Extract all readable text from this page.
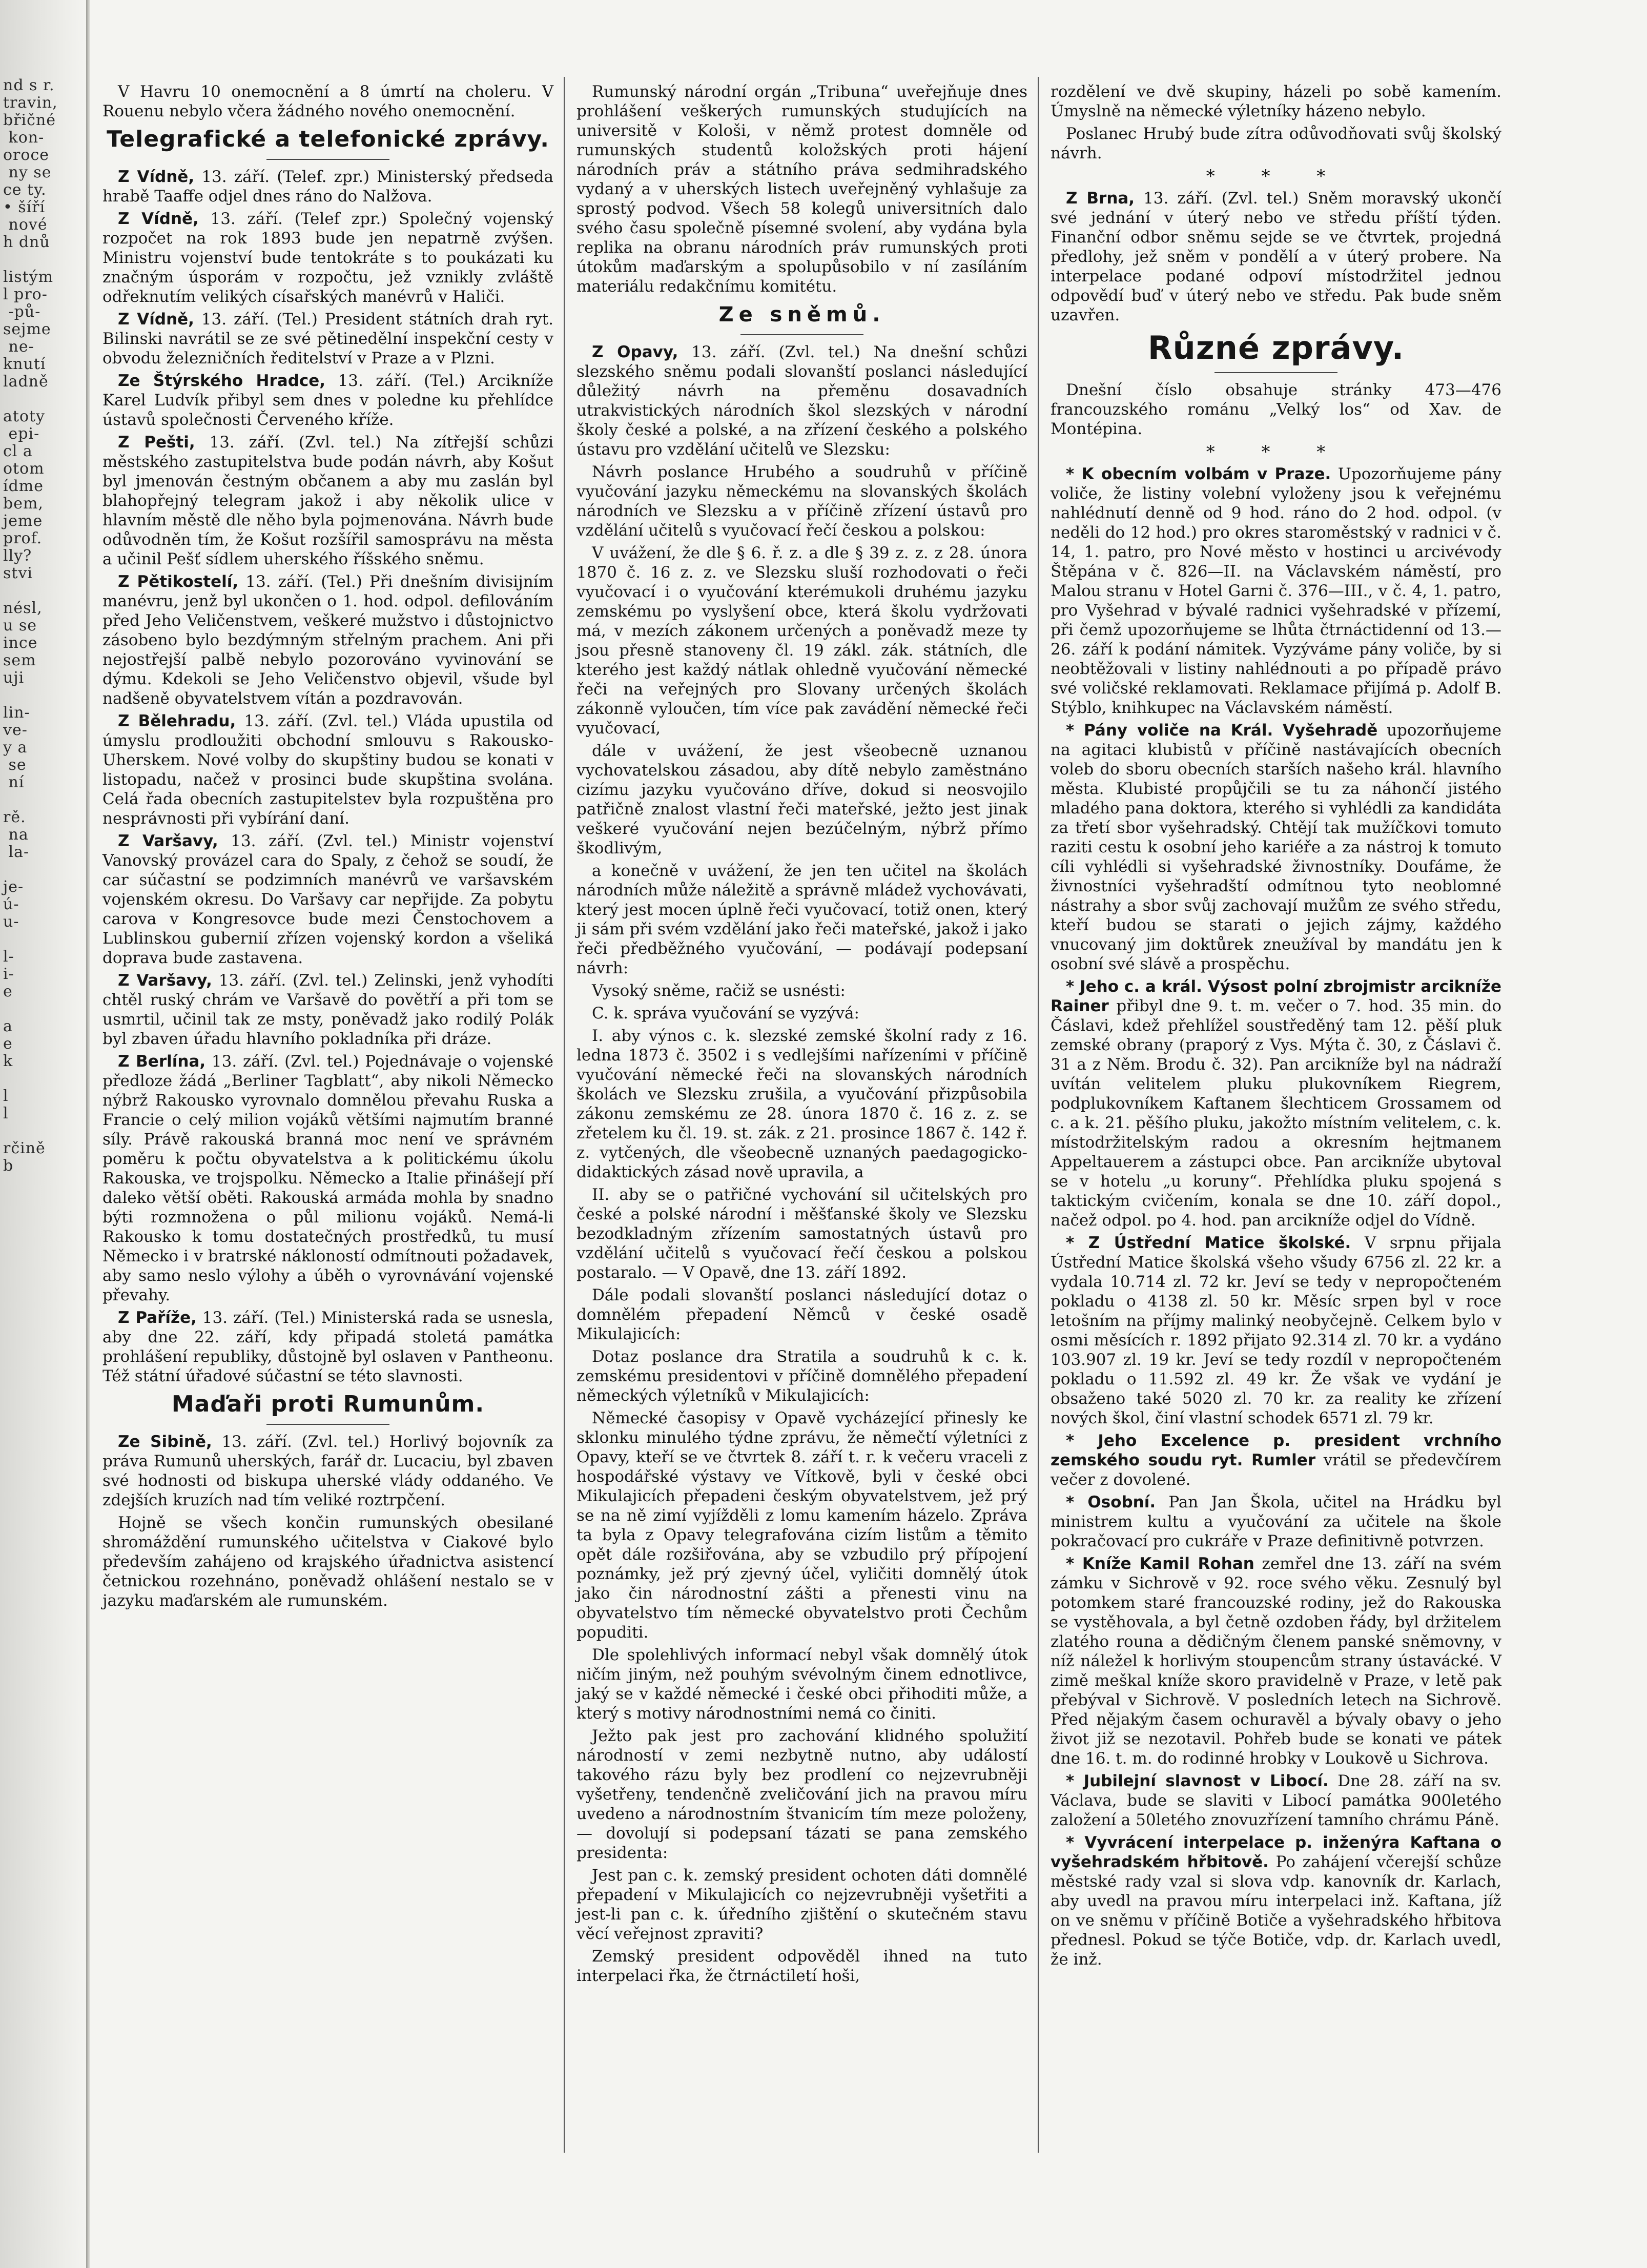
nd s r.
travin,
břičné
kon-
oroce
ny se
ce ty.
• šíří
nové
h dnů

listým
l pro-
-pů-
sejme
ne-
knutí
ladně

atoty
epi-
cl a
otom
ídme
bem,
jeme
prof.
lly?
stvi

nésl,
u se
ince
sem
uji

lin-
ve-
y a
se
ní

rě.
na
la-

je-
ú-
u-

l-
i-
e

a
e
k

l
l

rčině
b

V Havru 10 onemocnění a 8 úmrtí na choleru. V Rouenu nebylo včera žádného nového onemocnění.

Telegrafické a telefonické zprávy.

Z Vídně, 13. září. (Telef. zpr.) Ministerský předseda hrabě Taaffe odjel dnes ráno do Nalžova.

Z Vídně, 13. září. (Telef zpr.) Společný vojenský rozpočet na rok 1893 bude jen nepatrně zvýšen. Ministru vojenství bude tentokráte s to poukázati ku značným úsporám v rozpočtu, jež vznikly zvláště odřeknutím velikých císařských manévrů v Haliči.

Z Vídně, 13. září. (Tel.) President státních drah ryt. Bilinski navrátil se ze své pětinedělní inspekční cesty v obvodu železničních ředitelství v Praze a v Plzni.

Ze Štýrského Hradce, 13. září. (Tel.) Arcikníže Karel Ludvík přibyl sem dnes v poledne ku přehlídce ústavů společnosti Červeného kříže.

Z Pešti, 13. září. (Zvl. tel.) Na zítřejší schůzi městského zastupitelstva bude podán návrh, aby Košut byl jmenován čestným občanem a aby mu zaslán byl blahopřejný telegram jakož i aby několik ulice v hlavním městě dle něho byla pojmenována. Návrh bude odůvodněn tím, že Košut rozšířil samosprávu na města a učinil Pešť sídlem uherského říšského sněmu.

Z Pětikostelí, 13. září. (Tel.) Při dnešním divisijním manévru, jenž byl ukončen o 1. hod. odpol. defilováním před Jeho Veličenstvem, veškeré mužstvo i důstojnictvo zásobeno bylo bezdýmným střelným prachem. Ani při nejostřejší palbě nebylo pozorováno vyvinování se dýmu. Kdekoli se Jeho Veličenstvo objevil, všude byl nadšeně obyvatelstvem vítán a pozdravován.

Z Bělehradu, 13. září. (Zvl. tel.) Vláda upustila od úmyslu prodloužiti obchodní smlouvu s Rakousko-Uherskem. Nové volby do skupštiny budou se konati v listopadu, načež v prosinci bude skupština svolána. Celá řada obecních zastupitelstev byla rozpuštěna pro nesprávnosti při vybírání daní.

Z Varšavy, 13. září. (Zvl. tel.) Ministr vojenství Vanovský provázel cara do Spaly, z čehož se soudí, že car súčastní se podzimních manévrů ve varšavském vojenském okresu. Do Varšavy car nepřijde. Za pobytu carova v Kongresovce bude mezi Čenstochovem a Lublinskou gubernií zřízen vojenský kordon a všeliká doprava bude zastavena.

Z Varšavy, 13. září. (Zvl. tel.) Zelinski, jenž vyhodíti chtěl ruský chrám ve Varšavě do povětří a při tom se usmrtil, učinil tak ze msty, poněvadž jako rodilý Polák byl zbaven úřadu hlavního pokladníka při dráze.

Z Berlína, 13. září. (Zvl. tel.) Pojednávaje o vojenské předloze žádá „Berliner Tagblatt“, aby nikoli Německo nýbrž Rakousko vyrovnalo domnělou převahu Ruska a Francie o celý milion vojáků většími najmutím branné síly. Právě rakouská branná moc není ve správném poměru k počtu obyvatelstva a k politickému úkolu Rakouska, ve trojspolku. Německo a Italie přinášejí pří daleko větší oběti. Rakouská armáda mohla by snadno býti rozmnožena o půl milionu vojáků. Nemá-li Rakousko k tomu dostatečných prostředků, tu musí Německo i v bratrské nákloností odmítnouti požadavek, aby samo neslo výlohy a úběh o vyrovnávání vojenské převahy.

Z Paříže, 13. září. (Tel.) Ministerská rada se usnesla, aby dne 22. září, kdy připadá stoletá památka prohlášení republiky, důstojně byl oslaven v Pantheonu. Též státní úřadové súčastní se této slavnosti.

Maďaři proti Rumunům.

Ze Sibině, 13. září. (Zvl. tel.) Horlivý bojovník za práva Rumunů uherských, farář dr. Lucaciu, byl zbaven své hodnosti od biskupa uherské vlády oddaného. Ve zdejších kruzích nad tím veliké roztrpčení.

Hojně se všech končin rumunských obesilané shromáždění rumunského učitelstva v Ciakové bylo především zahájeno od krajského úřadnictva asistencí četnickou rozehnáno, poněvadž ohlášení nestalo se v jazyku maďarském ale rumunském.

Rumunský národní orgán „Tribuna“ uveřejňuje dnes prohlášení veškerých rumunských studujících na universitě v Kološi, v němž protest domněle od rumunských studentů koložských proti hájení národních práv a státního práva sedmihradského vydaný a v uherských listech uveřejněný vyhlašuje za sprostý podvod. Všech 58 kolegů universitních dalo svého času společně písemné svolení, aby vydána byla replika na obranu národních práv rumunských proti útokům maďarským a spolupůsobilo v ní zasíláním materiálu redakčnímu komitétu.

Ze sněmů.

Z Opavy, 13. září. (Zvl. tel.) Na dnešní schůzi slezského sněmu podali slovanští poslanci následující důležitý návrh na přeměnu dosavadních utrakvistických národních škol slezských v národní školy české a polské, a na zřízení českého a polského ústavu pro vzdělání učitelů ve Slezsku:

Návrh poslance Hrubého a soudruhů v příčině vyučování jazyku německému na slovanských školách národních ve Slezsku a v příčině zřízení ústavů pro vzdělání učitelů s vyučovací řečí českou a polskou:

V uvážení, že dle § 6. ř. z. a dle § 39 z. z. z 28. února 1870 č. 16 z. z. ve Slezsku sluší rozhodovati o řeči vyučovací i o vyučování kterémukoli druhému jazyku zemskému po vyslyšení obce, která školu vydržovati má, v mezích zákonem určených a poněvadž meze ty jsou přesně stanoveny čl. 19 zákl. zák. státních, dle kterého jest každý nátlak ohledně vyučování německé řeči na veřejných pro Slovany určených školách zákonně vyloučen, tím více pak zavádění německé řeči vyučovací,

dále v uvážení, že jest všeobecně uznanou vychovatelskou zásadou, aby dítě nebylo zaměstnáno cizímu jazyku vyučováno dříve, dokud si neosvojilo patřičně znalost vlastní řeči mateřské, ježto jest jinak veškeré vyučování nejen bezúčelným, nýbrž přímo škodlivým,

a konečně v uvážení, že jen ten učitel na školách národních může náležitě a správně mládež vychovávati, který jest mocen úplně řeči vyučovací, totiž onen, který ji sám při svém vzdělání jako řeči mateřské, jakož i jako řeči předběžného vyučování, — podávají podepsaní návrh:

Vysoký sněme, račiž se usnésti:

C. k. správa vyučování se vyzývá:

I. aby výnos c. k. slezské zemské školní rady z 16. ledna 1873 č. 3502 i s vedlejšími nařízeními v příčině vyučování německé řeči na slovanských národních školách ve Slezsku zrušila, a vyučování přizpůsobila zákonu zemskému ze 28. února 1870 č. 16 z. z. se zřetelem ku čl. 19. st. zák. z 21. prosince 1867 č. 142 ř. z. vytčených, dle všeobecně uznaných paedagogicko-didaktických zásad nově upravila, a

II. aby se o patřičné vychování sil učitelských pro české a polské národní i měšťanské školy ve Slezsku bezodkladným zřízením samostatných ústavů pro vzdělání učitelů s vyučovací řečí českou a polskou postaralo. — V Opavě, dne 13. září 1892.

Dále podali slovanští poslanci následující dotaz o domnělém přepadení Němců v české osadě Mikulajicích:

Dotaz poslance dra Stratila a soudruhů k c. k. zemskému presidentovi v příčině domnělého přepadení německých výletníků v Mikulajicích:

Německé časopisy v Opavě vycházející přinesly ke sklonku minulého týdne zprávu, že němečtí výletníci z Opavy, kteří se ve čtvrtek 8. září t. r. k večeru vraceli z hospodářské výstavy ve Vítkově, byli v české obci Mikulajicích přepadeni českým obyvatelstvem, jež prý se na ně zimí vyjížděli z lomu kamením házelo. Zpráva ta byla z Opavy telegrafována cizím listům a těmito opět dále rozšiřována, aby se vzbudilo prý přípojení poznámky, jež prý zjevný účel, vyličiti domnělý útok jako čin národnostní zášti a přenesti vinu na obyvatelstvo tím německé obyvatelstvo proti Čechům popuditi.

Dle spolehlivých informací nebyl však domnělý útok ničím jiným, než pouhým svévolným činem ednotlivce, jaký se v každé německé i české obci přihoditi může, a který s motivy národnostními nemá co činiti.

Ježto pak jest pro zachování klidného spolužití národností v zemi nezbytně nutno, aby událostí takového rázu byly bez prodlení co nejzevrubněji vyšetřeny, tendenčně zveličování jich na pravou míru uvedeno a národnostním štvanicím tím meze položeny, — dovolují si podepsaní tázati se pana zemského presidenta:

Jest pan c. k. zemský president ochoten dáti domnělé přepadení v Mikulajicích co nejzevrubněji vyšetřiti a jest-li pan c. k. úředního zjištění o skutečném stavu věcí veřejnost zpraviti?

Zemský president odpověděl ihned na tuto interpelaci řka, že čtrnáctiletí hoši,

rozdělení ve dvě skupiny, házeli po sobě kamením. Úmyslně na německé výletníky házeno nebylo.

Poslanec Hrubý bude zítra odůvodňovati svůj školský návrh.

* * *

Z Brna, 13. září. (Zvl. tel.) Sněm moravský ukončí své jednání v úterý nebo ve středu příští týden. Finanční odbor sněmu sejde se ve čtvrtek, projedná předlohy, jež sněm v pondělí a v úterý probere. Na interpelace podané odpoví místodržitel jednou odpovědí buď v úterý nebo ve středu. Pak bude sněm uzavřen.

Různé zprávy.

Dnešní číslo obsahuje stránky 473—476 francouzského románu „Velký los“ od Xav. de Montépina.

* * *

* K obecním volbám v Praze. Upozorňujeme pány voliče, že listiny volební vyloženy jsou k veřejnému nahlédnutí denně od 9 hod. ráno do 2 hod. odpol. (v neděli do 12 hod.) pro okres staroměstský v radnici v č. 14, 1. patro, pro Nové město v hostinci u arcivévody Štěpána v č. 826—II. na Václavském náměstí, pro Malou stranu v Hotel Garni č. 376—III., v č. 4, 1. patro, pro Vyšehrad v bývalé radnici vyšehradské v přízemí, při čemž upozorňujeme se lhůta čtrnáctidenní od 13.—26. září k podání námitek. Vyzýváme pány voliče, by si neobtěžovali v listiny nahlédnouti a po případě právo své voličské reklamovati. Reklamace přijímá p. Adolf B. Stýblo, knihkupec na Václavském náměstí.

* Pány voliče na Král. Vyšehradě upozorňujeme na agitaci klubistů v příčině nastávajících obecních voleb do sboru obecních starších našeho král. hlavního města. Klubisté propůjčili se tu za náhončí jistého mladého pana doktora, kterého si vyhlédli za kandidáta za třetí sbor vyšehradský. Chtějí tak mužíčkovi tomuto raziti cestu k osobní jeho kariéře a za nástroj k tomuto cíli vyhlédli si vyšehradské živnostníky. Doufáme, že živnostníci vyšehradští odmítnou tyto neoblomné nástrahy a sbor svůj zachovají mužům ze svého středu, kteří budou se starati o jejich zájmy, každého vnucovaný jim doktůrek zneužíval by mandátu jen k osobní své slávě a prospěchu.

* Jeho c. a král. Výsost polní zbrojmistr arcikníže Rainer přibyl dne 9. t. m. večer o 7. hod. 35 min. do Čáslavi, kdež přehlížel soustředěný tam 12. pěší pluk zemské obrany (praporý z Vys. Mýta č. 30, z Čáslavi č. 31 a z Něm. Brodu č. 32). Pan arcikníže byl na nádraží uvítán velitelem pluku plukovníkem Riegrem, podplukovníkem Kaftanem šlechticem Grossamem od c. a k. 21. pěšího pluku, jakožto místním velitelem, c. k. místodržitelským radou a okresním hejtmanem Appeltauerem a zástupci obce. Pan arcikníže ubytoval se v hotelu „u koruny“. Přehlídka pluku spojená s taktickým cvičením, konala se dne 10. září dopol., načež odpol. po 4. hod. pan arcikníže odjel do Vídně.

* Z Ústřední Matice školské. V srpnu přijala Ústřední Matice školská všeho všudy 6756 zl. 22 kr. a vydala 10.714 zl. 72 kr. Jeví se tedy v nepropočteném pokladu o 4138 zl. 50 kr. Měsíc srpen byl v roce letošním na příjmy malinký neobyčejně. Celkem bylo v osmi měsících r. 1892 přijato 92.314 zl. 70 kr. a vydáno 103.907 zl. 19 kr. Jeví se tedy rozdíl v nepropočteném pokladu o 11.592 zl. 49 kr. Že však ve vydání je obsaženo také 5020 zl. 70 kr. za reality ke zřízení nových škol, činí vlastní schodek 6571 zl. 79 kr.

* Jeho Excelence p. president vrchního zemského soudu ryt. Rumler vrátil se předevčírem večer z dovolené.

* Osobní. Pan Jan Škola, učitel na Hrádku byl ministrem kultu a vyučování za učitele na škole pokračovací pro cukráře v Praze definitivně potvrzen.

* Kníže Kamil Rohan zemřel dne 13. září na svém zámku v Sichrově v 92. roce svého věku. Zesnulý byl potomkem staré francouzské rodiny, jež do Rakouska se vystěhovala, a byl četně ozdoben řády, byl držitelem zlatého rouna a dědičným členem panské sněmovny, v níž náležel k horlivým stoupencům strany ústavácké. V zimě meškal kníže skoro pravidelně v Praze, v letě pak přebýval v Sichrově. V posledních letech na Sichrově. Před nějakým časem ochuravěl a bývaly obavy o jeho život již se nezotavil. Pohřeb bude se konati ve pátek dne 16. t. m. do rodinné hrobky v Loukově u Sichrova.

* Jubilejní slavnost v Libocí. Dne 28. září na sv. Václava, bude se slaviti v Libocí památka 900letého založení a 50letého znovuzřízení tamního chrámu Páně.

* Vyvrácení interpelace p. inženýra Kaftana o vyšehradském hřbitově. Po zahájení včerejší schůze městské rady vzal si slova vdp. kanovník dr. Karlach, aby uvedl na pravou míru interpelaci inž. Kaftana, jíž on ve sněmu v příčině Botiče a vyšehradského hřbitova přednesl. Pokud se týče Botiče, vdp. dr. Karlach uvedl, že inž.
